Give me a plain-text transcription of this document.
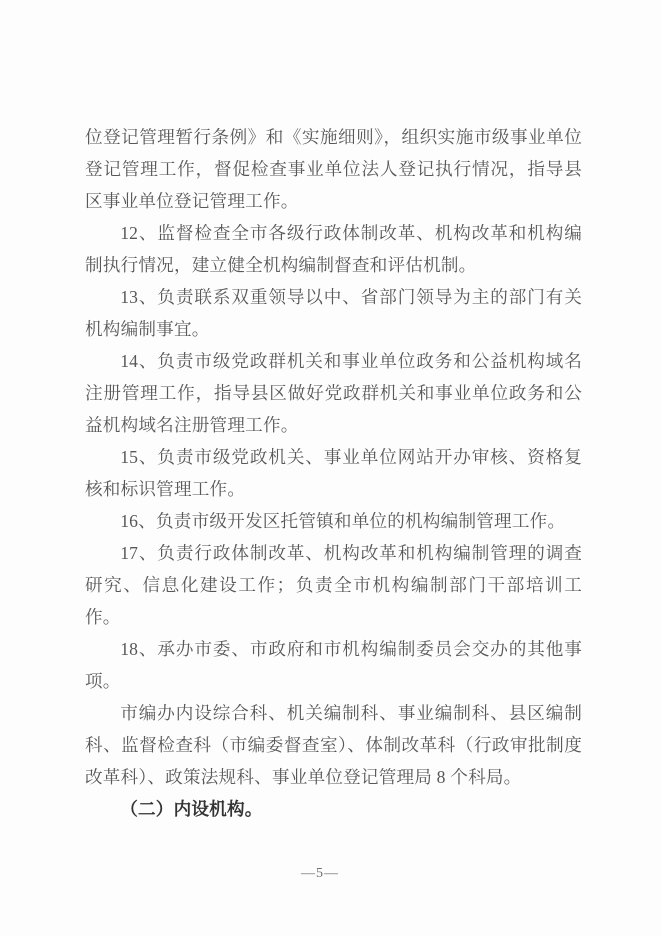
位登记管理暂行条例》和《实施细则》，组织实施市级事业单位登记管理工作，督促检查事业单位法人登记执行情况，指导县区事业单位登记管理工作。

12、监督检查全市各级行政体制改革、机构改革和机构编制执行情况，建立健全机构编制督查和评估机制。

13、负责联系双重领导以中、省部门领导为主的部门有关机构编制事宜。

14、负责市级党政群机关和事业单位政务和公益机构域名注册管理工作，指导县区做好党政群机关和事业单位政务和公益机构域名注册管理工作。

15、负责市级党政机关、事业单位网站开办审核、资格复核和标识管理工作。

16、负责市级开发区托管镇和单位的机构编制管理工作。

17、负责行政体制改革、机构改革和机构编制管理的调查研究、信息化建设工作；负责全市机构编制部门干部培训工作。

18、承办市委、市政府和市机构编制委员会交办的其他事项。

市编办内设综合科、机关编制科、事业编制科、县区编制科、监督检查科（市编委督查室）、体制改革科（行政审批制度改革科）、政策法规科、事业单位登记管理局 8 个科局。

（二）内设机构。

—5—
